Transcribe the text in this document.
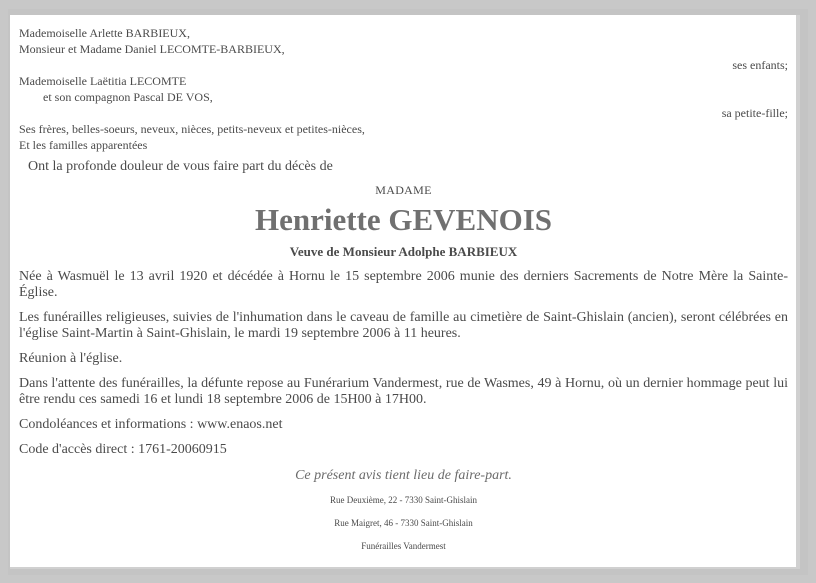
Mademoiselle Arlette BARBIEUX,
Monsieur et Madame Daniel LECOMTE-BARBIEUX,
ses enfants;
Mademoiselle Laëtitia LECOMTE
et son compagnon Pascal DE VOS,
sa petite-fille;
Ses frères, belles-soeurs, neveux, nièces, petits-neveux et petites-nièces,
Et les familles apparentées
Ont la profonde douleur de vous faire part du décès de
MADAME
Henriette GEVENOIS
Veuve de Monsieur Adolphe BARBIEUX
Née à Wasmuël le 13 avril 1920 et décédée à Hornu le 15 septembre 2006 munie des derniers Sacrements de Notre Mère la Sainte-Église.
Les funérailles religieuses, suivies de l'inhumation dans le caveau de famille au cimetière de Saint-Ghislain (ancien), seront célébrées en l'église Saint-Martin à Saint-Ghislain, le mardi 19 septembre 2006 à 11 heures.
Réunion à l'église.
Dans l'attente des funérailles, la défunte repose au Funérarium Vandermest, rue de Wasmes, 49 à Hornu, où un dernier hommage peut lui être rendu ces samedi 16 et lundi 18 septembre 2006 de 15H00 à 17H00.
Condoléances et informations : www.enaos.net
Code d'accès direct : 1761-20060915
Ce présent avis tient lieu de faire-part.
Rue Deuxième, 22 - 7330 Saint-Ghislain
Rue Maigret, 46 - 7330 Saint-Ghislain
Funérailles Vandermest
